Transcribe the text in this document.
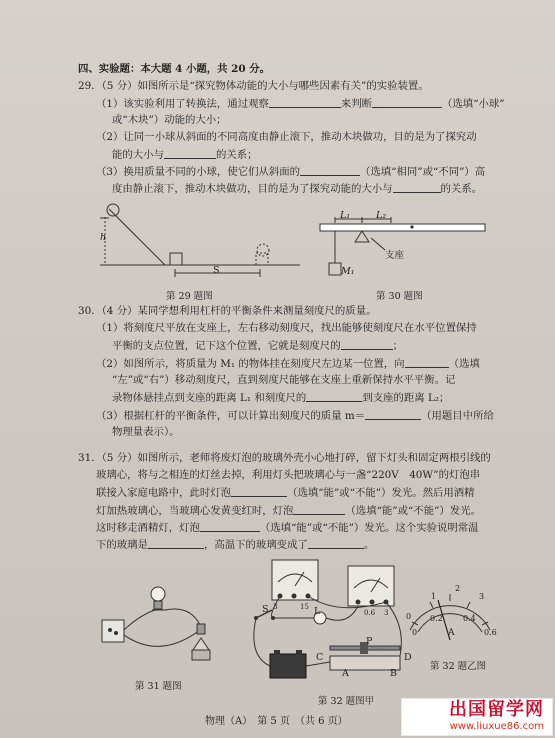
四、实验题：本大题 4 小题，共 20 分。
29．（5 分）如图所示是“探究物体动能的大小与哪些因素有关”的实验装置。
（1）该实验利用了转换法，通过观察	来判断	（选填“小球”
或“木块”）动能的大小；
（2）让同一小球从斜面的不同高度由静止滚下，推动木块做功，目的是为了探究动
能的大小与	的关系；
（3）换用质量不同的小球，使它们从斜面的	（选填“相同”或“不同”）高
度由静止滚下，推动木块做功，目的是为了探究动能的大小与	的关系。
h
S
第 29 题图
L₁	L₂
支座
M₁
第 30 题图
30．（4 分）某同学想利用杠杆的平衡条件来测量刻度尺的质量。
（1）将刻度尺平放在支座上，左右移动刻度尺，找出能够使刻度尺在水平位置保持
平衡的支点位置，记下这个位置，它就是刻度尺的	；
（2）如图所示，将质量为 M₁ 的物体挂在刻度尺左边某一位置，向	（选填
“左”或“右”）移动刻度尺，直到刻度尺能够在支座上重新保持水平平衡。记
录物体悬挂点到支座的距离 L₁ 和刻度尺的	到支座的距离 L₂；
（3）根据杠杆的平衡条件，可以计算出刻度尺的质量 m＝	（用题目中所给
物理量表示）。
31．（5 分）如图所示，老师将废灯泡的玻璃外壳小心地打碎，留下灯头和固定两根引线的
玻璃心，将与之相连的灯丝去掉，利用灯头把玻璃心与一盏“220V　40W”的灯泡串
联接入家庭电路中，此时灯泡	（选填“能”或“不能”）发光。然后用酒精
灯加热玻璃心，当玻璃心发黄变红时，灯泡	（选填“能”或“不能”）发光。
这时移走酒精灯，灯泡	（选填“能”或“不能”）发光。这个实验说明常温
下的玻璃是	，高温下的玻璃变成了	。
第 31 题图
3	15
0.6 3
S	L
P
A	B
C	D
第 32 题图甲
1
2
3
0
0
0.2	0.4
0.6
A
第 32 题乙图
物理（A）　第 5 页　（共 6 页）
出国留学网
www.liuxue86.com
